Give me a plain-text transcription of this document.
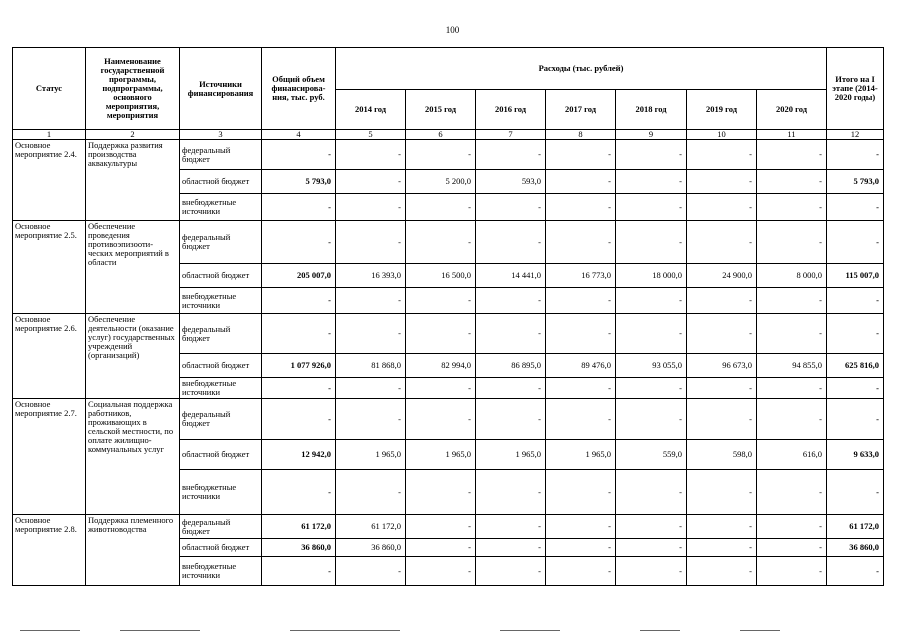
100
Статус	Наименование государственной программы, подпрограммы, основного мероприятия, мероприятия	Источники финансирования	Общий объем финансирова-ния, тыс. руб.	Расходы (тыс. рублей)							Итого на I этапе (2014-2020 годы)
				2014 год	2015 год	2016 год	2017 год	2018 год	2019 год	2020 год	
1	2	3	4	5	6	7	8	9	10	11	12
Основное мероприятие 2.4.	Поддержка развития производства аквакультуры	федеральный бюджет	-	-	-	-	-	-	-	-	-
		областной бюджет	5 793,0	-	5 200,0	593,0	-	-	-	-	5 793,0
		внебюджетные источники	-	-	-	-	-	-	-	-	-
Основное мероприятие 2.5.	Обеспечение проведения противоэпизооти-ческих мероприятий в области	федеральный бюджет	-	-	-	-	-	-	-	-	-
		областной бюджет	205 007,0	16 393,0	16 500,0	14 441,0	16 773,0	18 000,0	24 900,0	8 000,0	115 007,0
		внебюджетные источники	-	-	-	-	-	-	-	-	-
Основное мероприятие 2.6.	Обеспечение деятельности (оказание услуг) государственных учреждений (организаций)	федеральный бюджет	-	-	-	-	-	-	-	-	-
		областной бюджет	1 077 926,0	81 868,0	82 994,0	86 895,0	89 476,0	93 055,0	96 673,0	94 855,0	625 816,0
		внебюджетные источники	-	-	-	-	-	-	-	-	-
Основное мероприятие 2.7.	Социальная поддержка работников, проживающих в сельской местности, по оплате жилищно-коммунальных услуг	федеральный бюджет	-	-	-	-	-	-	-	-	-
		областной бюджет	12 942,0	1 965,0	1 965,0	1 965,0	1 965,0	559,0	598,0	616,0	9 633,0
		внебюджетные источники	-	-	-	-	-	-	-	-	-
Основное мероприятие 2.8.	Поддержка племенного животноводства	федеральный бюджет	61 172,0	61 172,0	-	-	-	-	-	-	61 172,0
		областной бюджет	36 860,0	36 860,0	-	-	-	-	-	-	36 860,0
		внебюджетные источники	-	-	-	-	-	-	-	-	-
